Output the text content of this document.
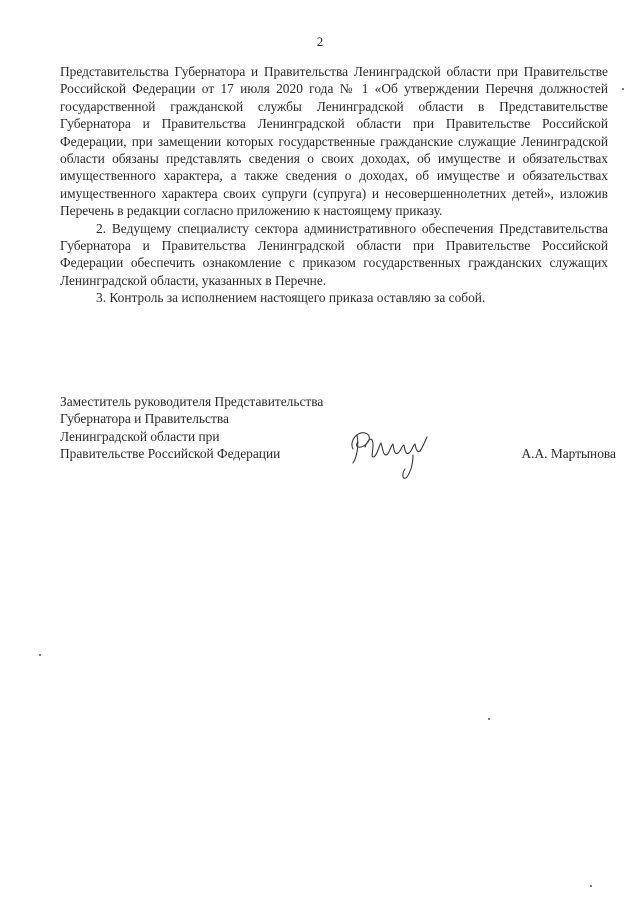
2

Представительства Губернатора и Правительства Ленинградской области при Правительстве Российской Федерации от 17 июля 2020 года № 1 «Об утверждении Перечня должностей государственной гражданской службы Ленинградской области в Представительстве Губернатора и Правительства Ленинградской области при Правительстве Российской Федерации, при замещении которых государственные гражданские служащие Ленинградской области обязаны представлять сведения о своих доходах, об имуществе и обязательствах имущественного характера, а также сведения о доходах, об имуществе и обязательствах имущественного характера своих супруги (супруга) и несовершеннолетних детей», изложив Перечень в редакции согласно приложению к настоящему приказу.

2. Ведущему специалисту сектора административного обеспечения Представительства Губернатора и Правительства Ленинградской области при Правительстве Российской Федерации обеспечить ознакомление с приказом государственных гражданских служащих Ленинградской области, указанных в Перечне.

3. Контроль за исполнением настоящего приказа оставляю за собой.

Заместитель руководителя Представительства
Губернатора и Правительства
Ленинградской области при
Правительстве Российской Федерации	А.А. Мартынова
